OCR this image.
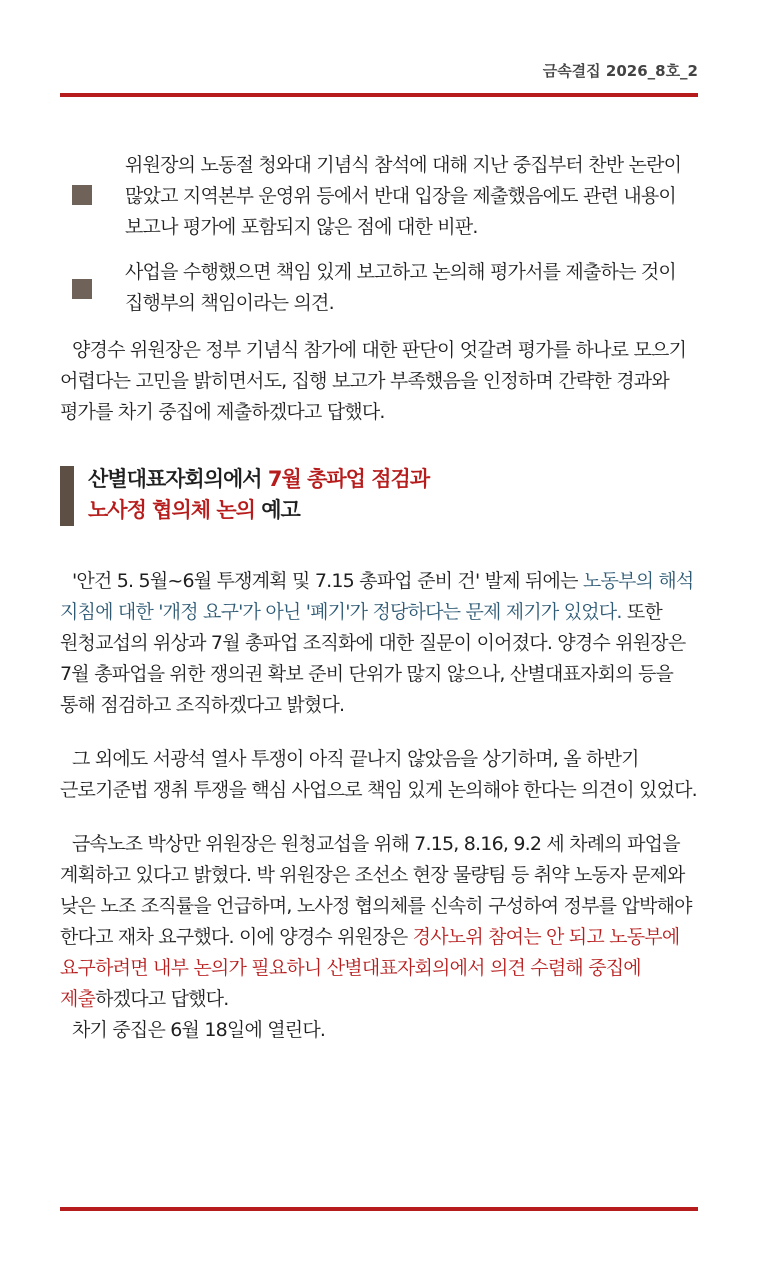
금속결집 2026_8호_2
위원장의 노동절 청와대 기념식 참석에 대해 지난 중집부터 찬반 논란이 많았고 지역본부 운영위 등에서 반대 입장을 제출했음에도 관련 내용이 보고나 평가에 포함되지 않은 점에 대한 비판.
사업을 수행했으면 책임 있게 보고하고 논의해 평가서를 제출하는 것이 집행부의 책임이라는 의견.

양경수 위원장은 정부 기념식 참가에 대한 판단이 엇갈려 평가를 하나로 모으기 어렵다는 고민을 밝히면서도, 집행 보고가 부족했음을 인정하며 간략한 경과와 평가를 차기 중집에 제출하겠다고 답했다.

산별대표자회의에서 7월 총파업 점검과
노사정 협의체 논의 예고

'안건 5. 5월~6월 투쟁계획 및 7.15 총파업 준비 건' 발제 뒤에는 노동부의 해석 지침에 대한 '개정 요구'가 아닌 '폐기'가 정당하다는 문제 제기가 있었다. 또한 원청교섭의 위상과 7월 총파업 조직화에 대한 질문이 이어졌다. 양경수 위원장은 7월 총파업을 위한 쟁의권 확보 준비 단위가 많지 않으나, 산별대표자회의 등을 통해 점검하고 조직하겠다고 밝혔다.

그 외에도 서광석 열사 투쟁이 아직 끝나지 않았음을 상기하며, 올 하반기 근로기준법 쟁취 투쟁을 핵심 사업으로 책임 있게 논의해야 한다는 의견이 있었다.

금속노조 박상만 위원장은 원청교섭을 위해 7.15, 8.16, 9.2 세 차례의 파업을 계획하고 있다고 밝혔다. 박 위원장은 조선소 현장 물량팀 등 취약 노동자 문제와 낮은 노조 조직률을 언급하며, 노사정 협의체를 신속히 구성하여 정부를 압박해야 한다고 재차 요구했다. 이에 양경수 위원장은 경사노위 참여는 안 되고 노동부에 요구하려면 내부 논의가 필요하니 산별대표자회의에서 의견 수렴해 중집에 제출하겠다고 답했다.

차기 중집은 6월 18일에 열린다.
